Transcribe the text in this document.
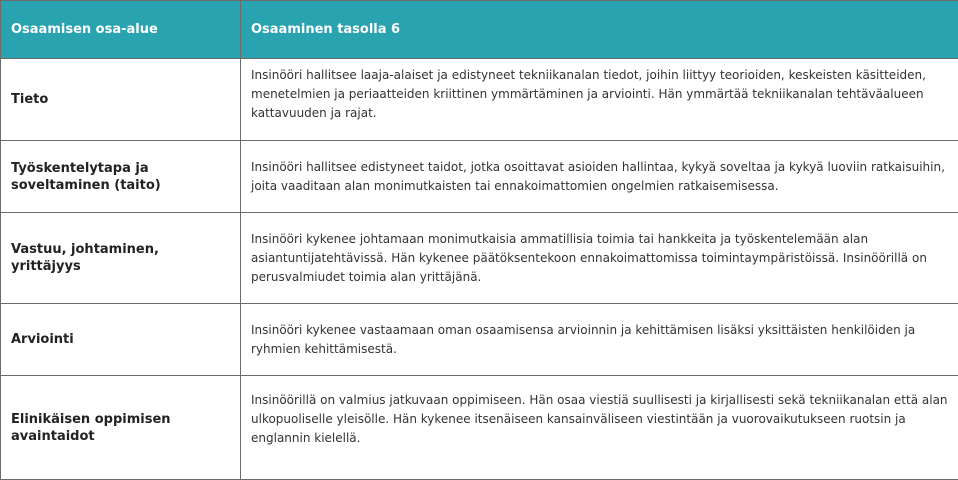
Osaamisen osa-alue	Osaaminen tasolla 6
Tieto	Insinööri hallitsee laaja-alaiset ja edistyneet tekniikanalan tiedot, joihin liittyy teorioiden, keskeisten käsitteiden, menetelmien ja periaatteiden kriittinen ymmärtäminen ja arviointi. Hän ymmärtää tekniikanalan tehtäväalueen kattavuuden ja rajat.
Työskentelytapa ja soveltaminen (taito)	Insinööri hallitsee edistyneet taidot, jotka osoittavat asioiden hallintaa, kykyä soveltaa ja kykyä luoviin ratkaisuihin, joita vaaditaan alan monimutkaisten tai ennakoimattomien ongelmien ratkaisemisessa.
Vastuu, johtaminen, yrittäjyys	Insinööri kykenee johtamaan monimutkaisia ammatillisia toimia tai hankkeita ja työskentelemään alan asiantuntijatehtävissä. Hän kykenee päätöksentekoon ennakoimattomissa toimintaympäristöissä. Insinöörillä on perusvalmiudet toimia alan yrittäjänä.
Arviointi	Insinööri kykenee vastaamaan oman osaamisensa arvioinnin ja kehittämisen lisäksi yksittäisten henkilöiden ja ryhmien kehittämisestä.
Elinikäisen oppimisen avaintaidot	Insinöörillä on valmius jatkuvaan oppimiseen. Hän osaa viestiä suullisesti ja kirjallisesti sekä tekniikanalan että alan ulkopuoliselle yleisölle. Hän kykenee itsenäiseen kansainväliseen viestintään ja vuorovaikutukseen ruotsin ja englannin kielellä.
